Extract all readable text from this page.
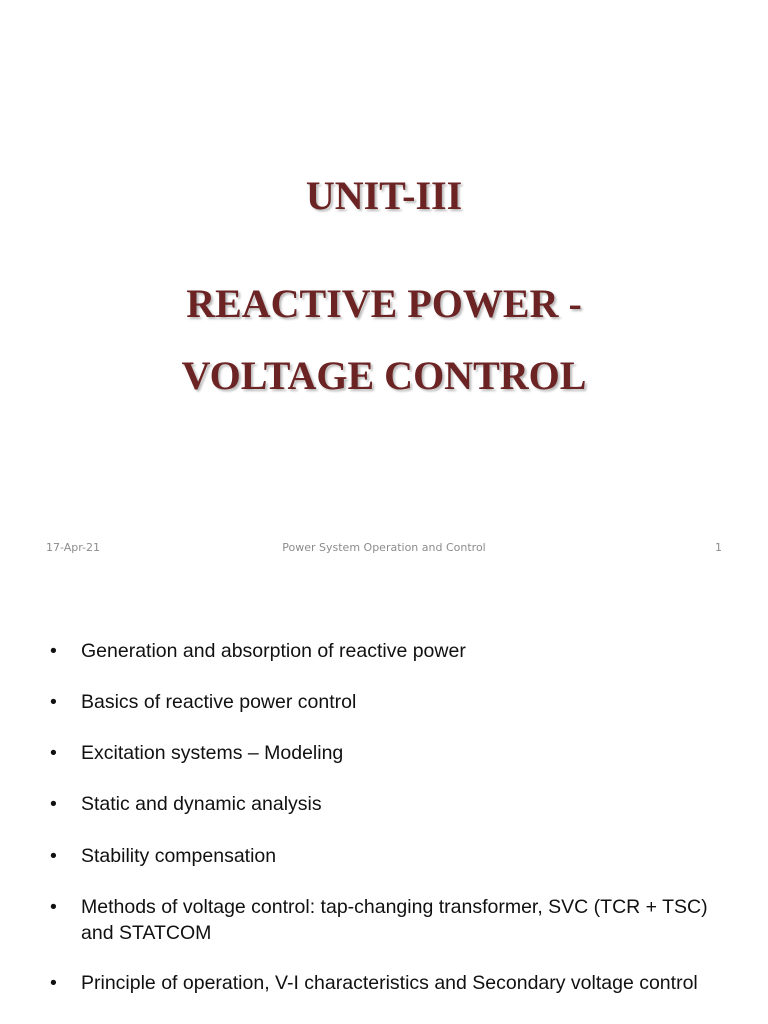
UNIT-III
REACTIVE POWER -
VOLTAGE CONTROL
Power System Operation and Control
17-Apr-21	1
•	Generation and absorption of reactive power
•	Basics of reactive power control
•	Excitation systems – Modeling
•	Static and dynamic analysis
•	Stability compensation
•	Methods of voltage control: tap-changing transformer, SVC (TCR + TSC) and STATCOM
•	Principle of operation, V-I characteristics and Secondary voltage control
